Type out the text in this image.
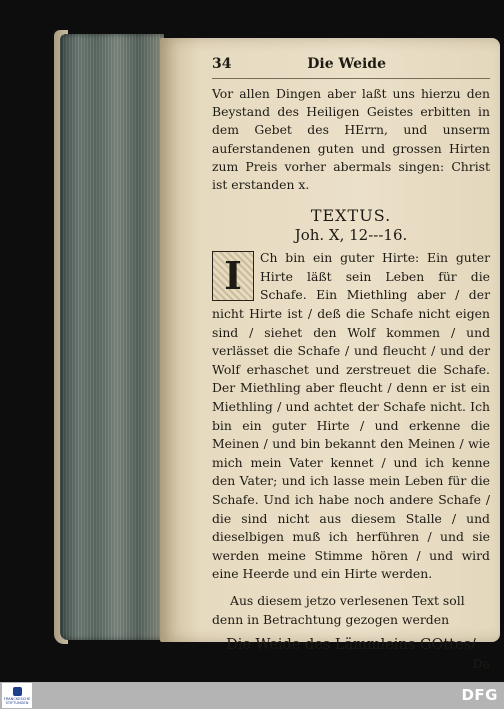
34	Die Weide
Vor allen Dingen aber laßt uns hierzu den Beystand des Heiligen Geistes erbitten in dem Gebet des HErrn, und unserm auferstandenen guten und grossen Hirten zum Preis vorher abermals singen: Christ ist erstanden x.
TEXTUS.
Joh. X, 12---16.
I	Ch bin ein guter Hirte: Ein guter Hirte läßt sein Leben für die Schafe. Ein Miethling aber / der nicht Hirte ist / deß die Schafe nicht eigen sind / siehet den Wolf kommen / und verlässet die Schafe / und fleucht / und der Wolf erhaschet und zerstreuet die Schafe. Der Miethling aber fleucht / denn er ist ein Miethling / und achtet der Schafe nicht. Ich bin ein guter Hirte / und erkenne die Meinen / und bin bekannt den Meinen / wie mich mein Vater kennet / und ich kenne den Vater; und ich lasse mein Leben für die Schafe. Und ich habe noch andere Schafe / die sind nicht aus diesem Stalle / und dieselbigen muß ich herführen / und sie werden meine Stimme hören / und wird eine Heerde und ein Hirte werden.
Aus diesem jetzo verlesenen Text soll denn in Betrachtung gezogen werden
Die Weide des Lämmleins GOttes/
Da
FRANCKESCHE STIFTUNGEN	DFG
